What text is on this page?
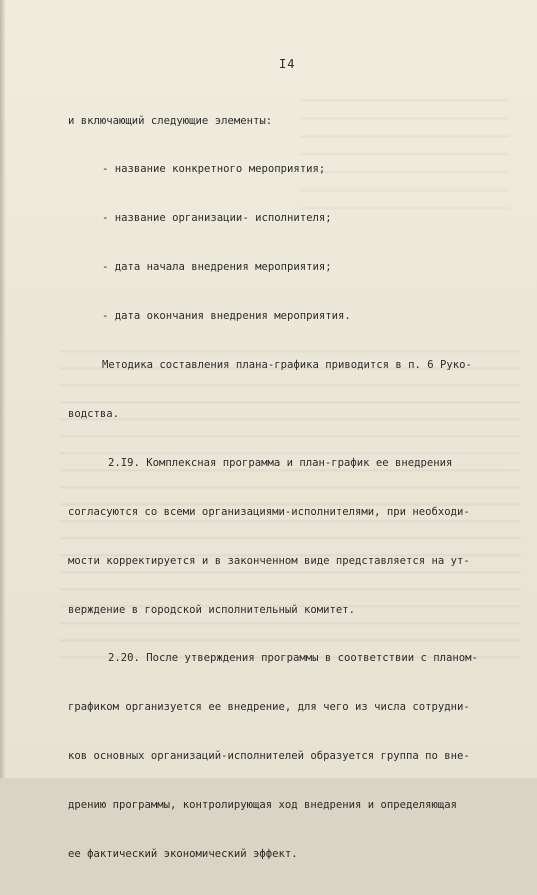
I4

и включающий следующие элементы:

- название конкретного мероприятия;

- название организации- исполнителя;

- дата начала внедрения мероприятия;

- дата окончания внедрения мероприятия.

Методика составления плана-графика приводится в п. 6 Руко-

водства.

2.I9. Комплексная программа и план-график ее внедрения

согласуются со всеми организациями-исполнителями, при необходи-

мости корректируется и в законченном виде представляется на ут-

верждение в городской исполнительный комитет.

2.20. После утверждения программы в соответствии с планом-

графиком организуется ее внедрение, для чего из числа сотрудни-

ков основных организаций-исполнителей образуется группа по вне-

дрению программы, контролирующая ход внедрения и определяющая

ее фактический экономический эффект.
